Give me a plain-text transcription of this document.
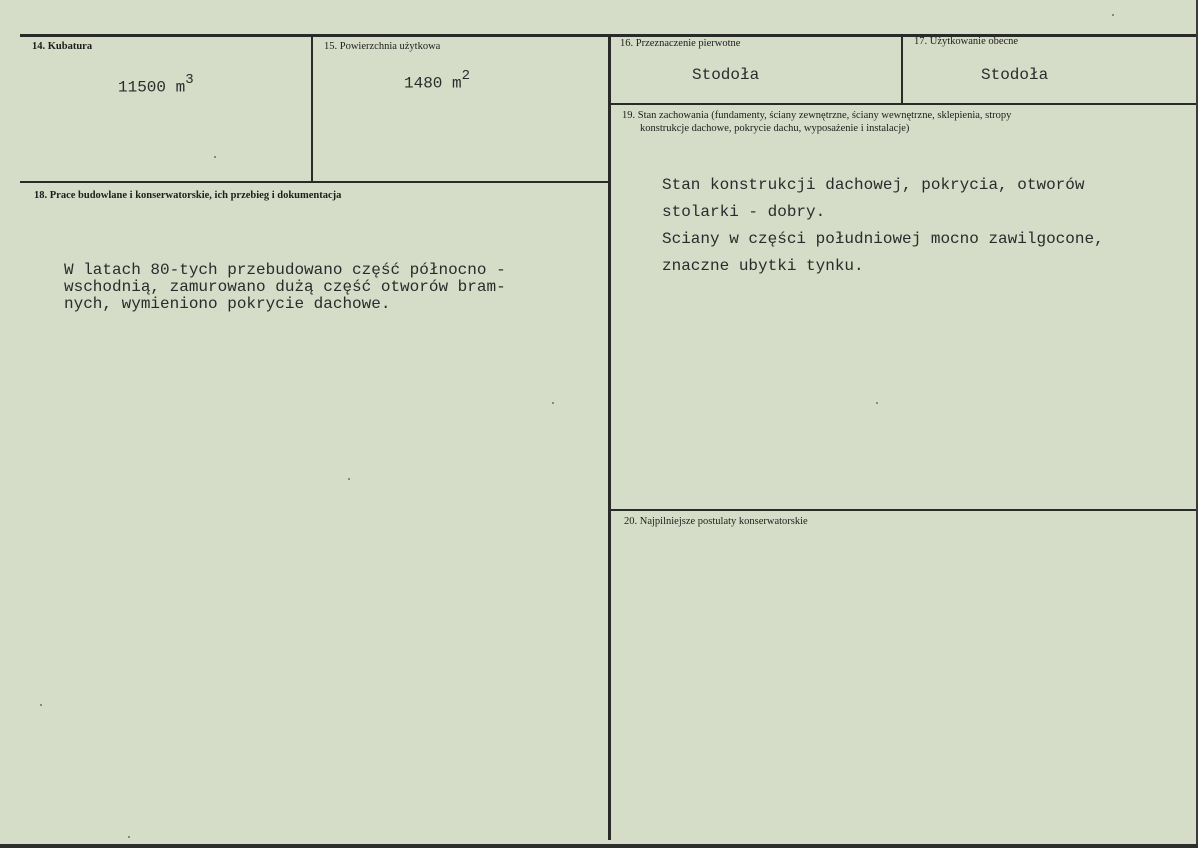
14. Kubatura
11500 $m^3$
15. Powierzchnia użytkowa
1480 $m^2$
16. Przeznaczenie pierwotne
Stodoła
17. Użytkowanie obecne
Stodoła
18. Prace budowlane i konserwatorskie, ich przebieg i dokumentacja
W latach 80-tych przebudowano część północno -
wschodnią, zamurowano dużą część otworów bram-
nych, wymieniono pokrycie dachowe.
19. Stan zachowania (fundamenty, ściany zewnętrzne, ściany wewnętrzne, sklepienia, stropy
konstrukcje dachowe, pokrycie dachu, wyposażenie i instalacje)
Stan konstrukcji dachowej, pokrycia, otworów
stolarki - dobry.
Sciany w części południowej mocno zawilgocone,
znaczne ubytki tynku.
20. Najpilniejsze postulaty konserwatorskie
